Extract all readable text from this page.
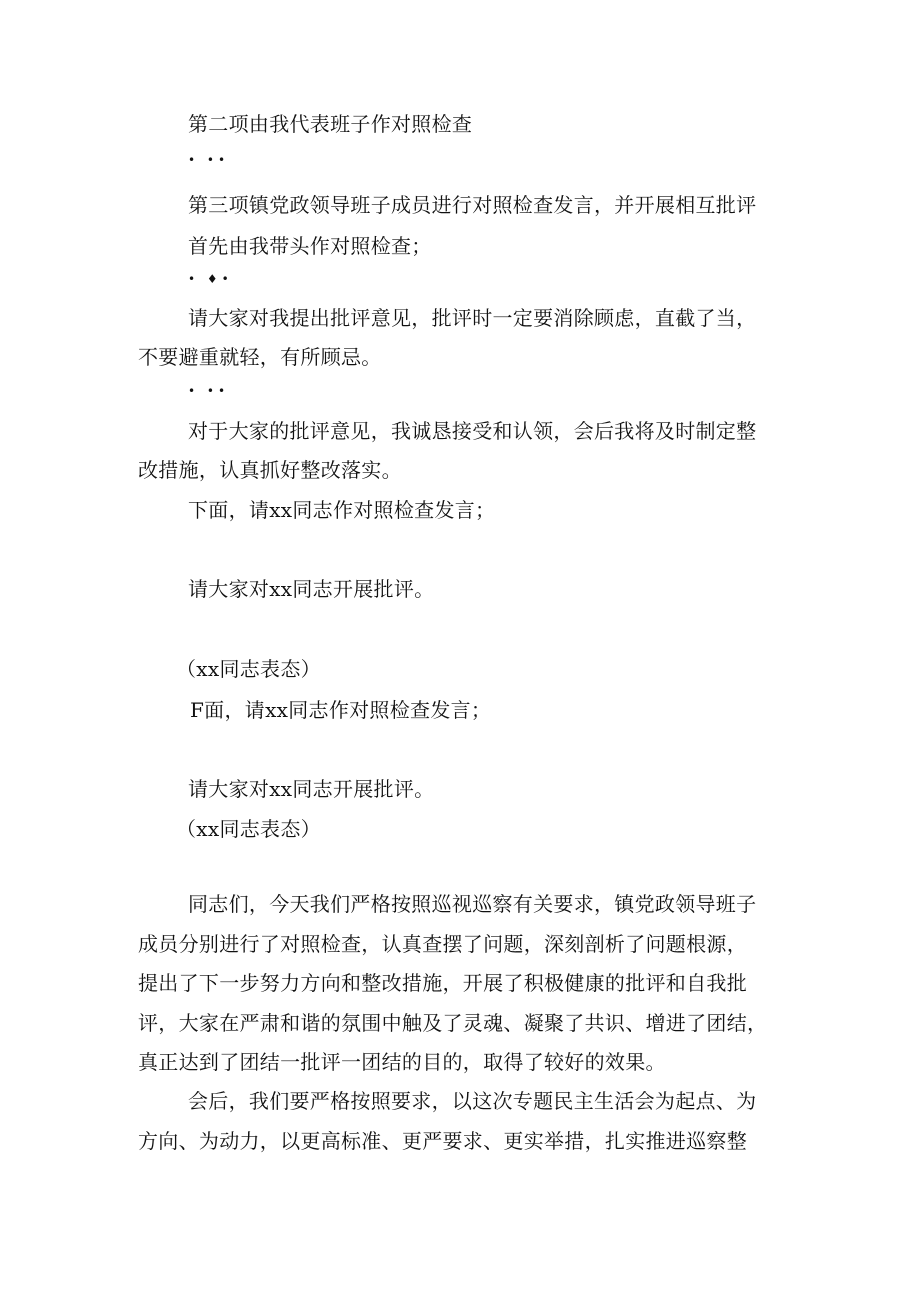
第二项由我代表班子作对照检查
• ••
第三项镇党政领导班子成员进行对照检查发言，并开展相互批评
首先由我带头作对照检查；
• ♦•
请大家对我提出批评意见，批评时一定要消除顾虑，直截了当，
不要避重就轻，有所顾忌。
• ••
对于大家的批评意见，我诚恳接受和认领，会后我将及时制定整
改措施，认真抓好整改落实。
下面，请xx同志作对照检查发言；
请大家对xx同志开展批评。
（xx同志表态）
F面，请xx同志作对照检查发言；
请大家对xx同志开展批评。
（xx同志表态）
同志们，今天我们严格按照巡视巡察有关要求，镇党政领导班子
成员分别进行了对照检查，认真查摆了问题，深刻剖析了问题根源，
提出了下一步努力方向和整改措施，开展了积极健康的批评和自我批
评，大家在严肃和谐的氛围中触及了灵魂、凝聚了共识、增进了团结，
真正达到了团结一批评一团结的目的，取得了较好的效果。
会后，我们要严格按照要求，以这次专题民主生活会为起点、为
方向、为动力，以更高标准、更严要求、更实举措，扎实推进巡察整
